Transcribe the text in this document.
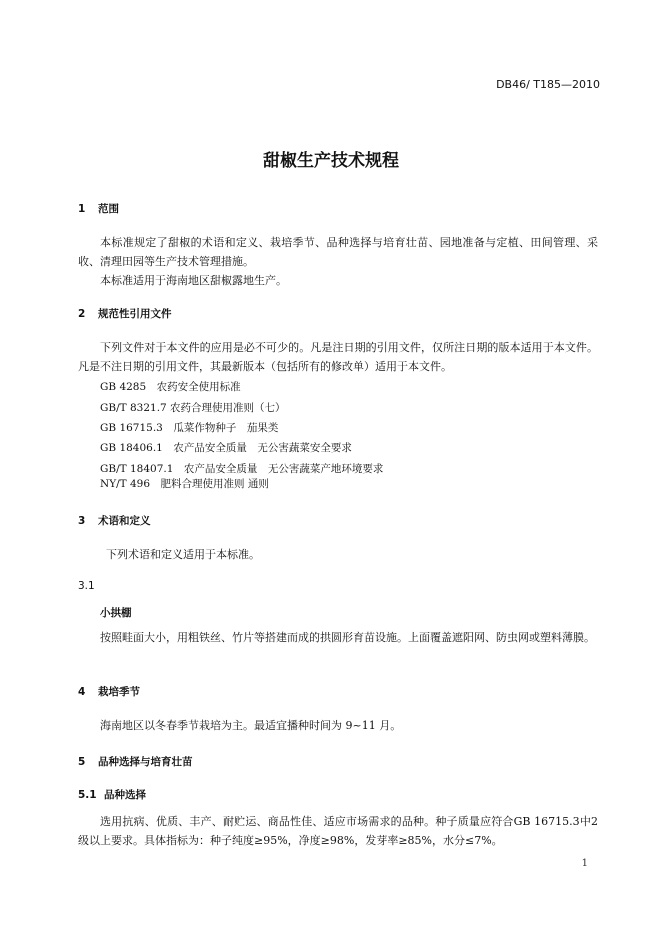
DB46/ T185—2010
甜椒生产技术规程
1 范围
本标准规定了甜椒的术语和定义、栽培季节、品种选择与培育壮苗、园地准备与定植、田间管理、采收、清理田园等生产技术管理措施。
本标准适用于海南地区甜椒露地生产。
2 规范性引用文件
下列文件对于本文件的应用是必不可少的。凡是注日期的引用文件，仅所注日期的版本适用于本文件。凡是不注日期的引用文件，其最新版本（包括所有的修改单）适用于本文件。
GB 4285　农药安全使用标准
GB/T 8321.7 农药合理使用准则（七）
GB 16715.3　瓜菜作物种子　茄果类
GB 18406.1　农产品安全质量　无公害蔬菜安全要求
GB/T 18407.1　农产品安全质量　无公害蔬菜产地环境要求
NY/T 496　肥料合理使用准则 通则
3 术语和定义
下列术语和定义适用于本标准。
3.1
小拱棚
按照畦面大小，用粗铁丝、竹片等搭建而成的拱圆形育苗设施。上面覆盖遮阳网、防虫网或塑料薄膜。
4 栽培季节
海南地区以冬春季节栽培为主。最适宜播种时间为 9~11 月。
5 品种选择与培育壮苗
5.1 品种选择
选用抗病、优质、丰产、耐贮运、商品性佳、适应市场需求的品种。种子质量应符合GB 16715.3中2级以上要求。具体指标为：种子纯度≥95%，净度≥98%，发芽率≥85%，水分≤7%。
1
